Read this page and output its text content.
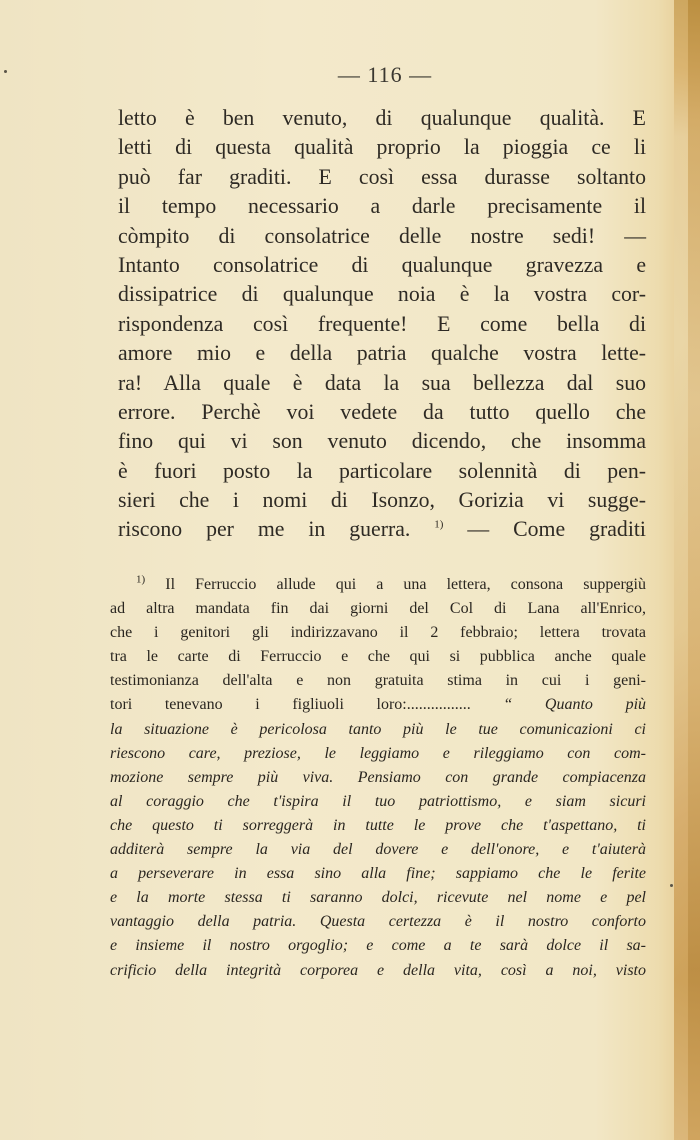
— 116 —
letto è ben venuto, di qualunque qualità. E
letti di questa qualità proprio la pioggia ce li
può far graditi. E così essa durasse soltanto
il tempo necessario a darle precisamente il
còmpito di consolatrice delle nostre sedi! —
Intanto consolatrice di qualunque gravezza e
dissipatrice di qualunque noia è la vostra cor-
rispondenza così frequente! E come bella di
amore mio e della patria qualche vostra lette-
ra! Alla quale è data la sua bellezza dal suo
errore. Perchè voi vedete da tutto quello che
fino qui vi son venuto dicendo, che insomma
è fuori posto la particolare solennità di pen-
sieri che i nomi di Isonzo, Gorizia vi sugge-
riscono per me in guerra. $^{1)}$ — Come graditi
$^{1)}$ Il Ferruccio allude qui a una lettera, consona suppergiù
ad altra mandata fin dai giorni del Col di Lana all'Enrico,
che i genitori gli indirizzavano il 2 febbraio; lettera trovata
tra le carte di Ferruccio e che qui si pubblica anche quale
testimonianza dell'alta e non gratuita stima in cui i geni-
tori tenevano i figliuoli loro:................ “ Quanto più
la situazione è pericolosa tanto più le tue comunicazioni ci
riescono care, preziose, le leggiamo e rileggiamo con com-
mozione sempre più viva. Pensiamo con grande compiacenza
al coraggio che t'ispira il tuo patriottismo, e siam sicuri
che questo ti sorreggerà in tutte le prove che t'aspettano, ti
additerà sempre la via del dovere e dell'onore, e t'aiuterà
a perseverare in essa sino alla fine; sappiamo che le ferite
e la morte stessa ti saranno dolci, ricevute nel nome e pel
vantaggio della patria. Questa certezza è il nostro conforto
e insieme il nostro orgoglio; e come a te sarà dolce il sa-
crificio della integrità corporea e della vita, così a noi, visto
